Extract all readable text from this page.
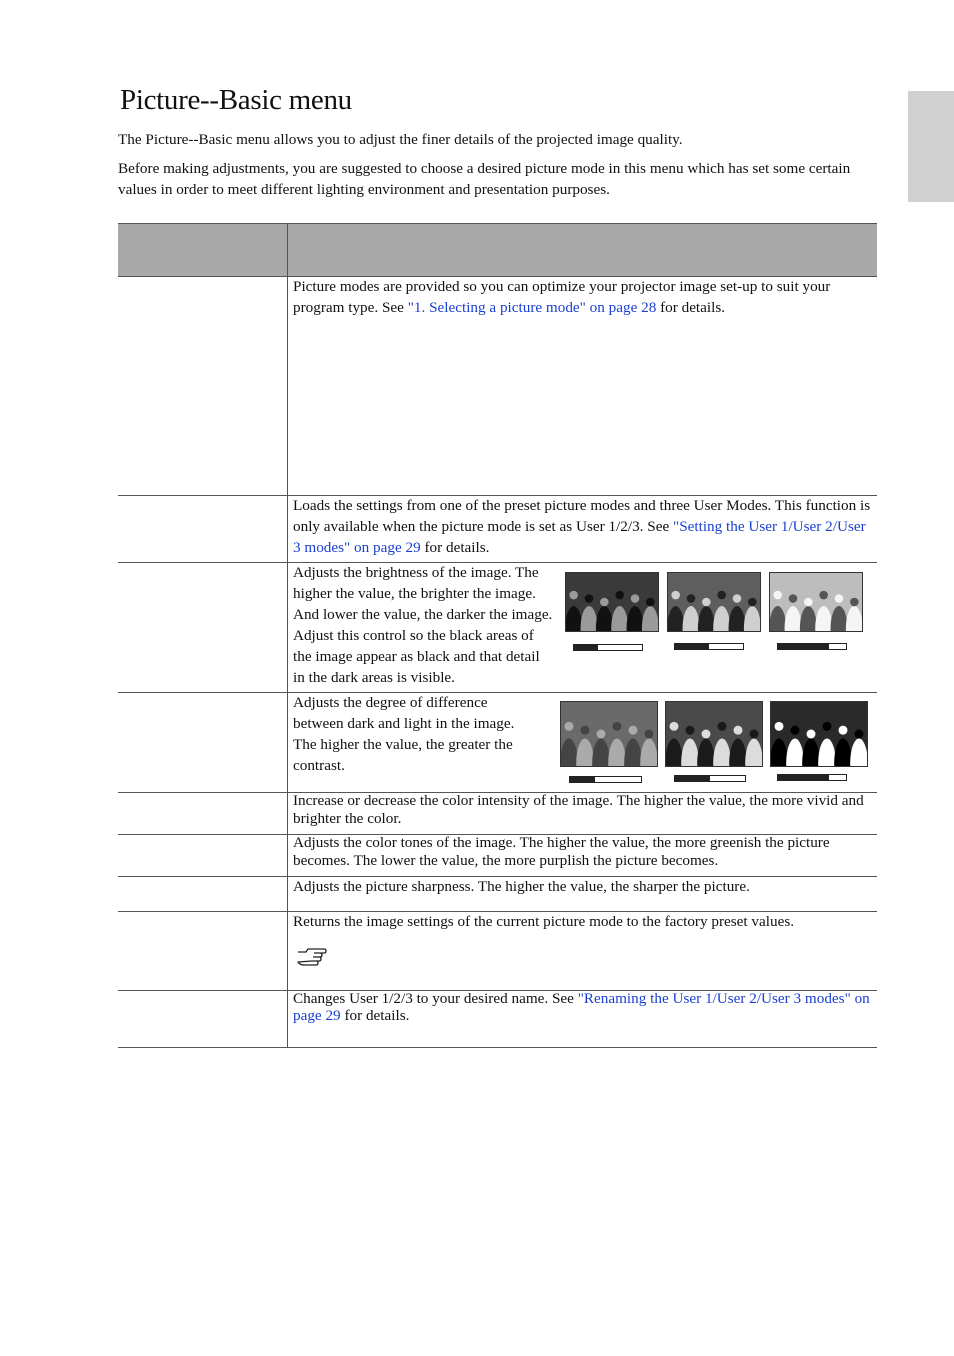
Picture--Basic menu

The Picture--Basic menu allows you to adjust the finer details of the projected image quality.

Before making adjustments, you are suggested to choose a desired picture mode in this menu which has set some certain values in order to meet different lighting environment and presentation purposes.

Picture modes are provided so you can optimize your projector image set-up to suit your program type. See "1. Selecting a picture mode" on page 28 for details.

Loads the settings from one of the preset picture modes and three User Modes. This function is only available when the picture mode is set as User 1/2/3. See "Setting the User 1/User 2/User 3 modes" on page 29 for details.

Adjusts the brightness of the image. The higher the value, the brighter the image. And lower the value, the darker the image. Adjust this control so the black areas of the image appear as black and that detail in the dark areas is visible.

Adjusts the degree of difference between dark and light in the image. The higher the value, the greater the contrast.

Increase or decrease the color intensity of the image. The higher the value, the more vivid and brighter the color.

Adjusts the color tones of the image. The higher the value, the more greenish the picture becomes. The lower the value, the more purplish the picture becomes.

Adjusts the picture sharpness. The higher the value, the sharper the picture.

Returns the image settings of the current picture mode to the factory preset values.

Changes User 1/2/3 to your desired name. See "Renaming the User 1/User 2/User 3 modes" on page 29 for details.
